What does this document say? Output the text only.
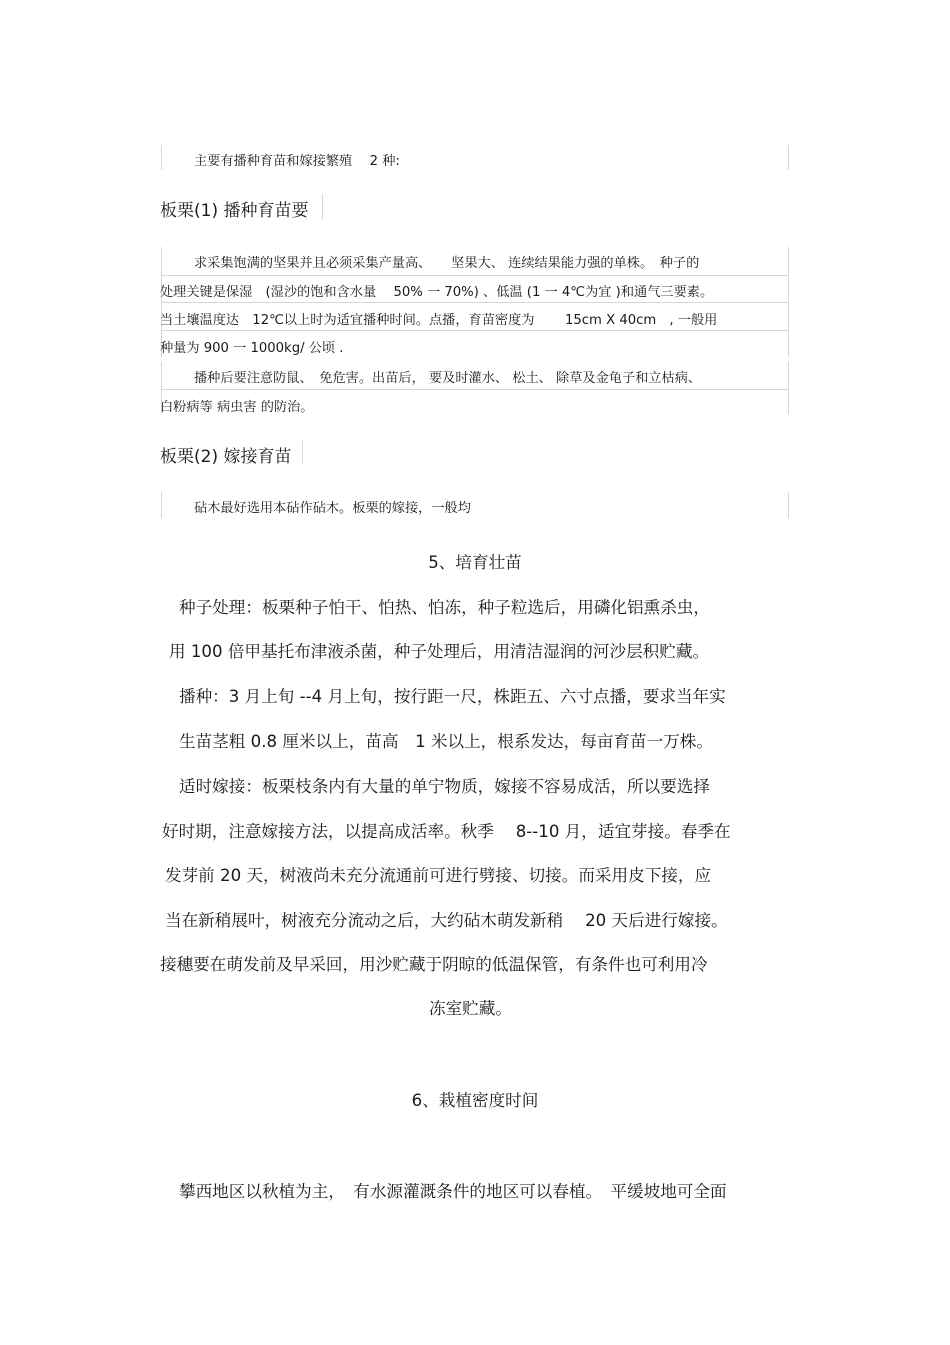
主要有播种育苗和嫁接繁殖　 2 种:
板栗(1) 播种育苗要
求采集饱满的坚果并且必须采集产量高、　　坚果大、 连续结果能力强的单株。　种子的
处理关键是保湿　(湿沙的饱和含水量　 50% 一 70%) 、低温 (1 一 4℃为宜 )和通气三要素。
当土壤温度达　12℃以上时为适宜播种时间。点播，育苗密度为　　 15cm X 40cm　, 一般用
种量为 900 一 1000kg/ 公顷 .
播种后要注意防鼠、　免危害。出苗后， 要及时灌水、 松土、 除草及金龟子和立枯病、
白粉病等 病虫害 的防治。
板栗(2) 嫁接育苗
砧木最好选用本砧作砧木。板栗的嫁接，一般均
5、培育壮苗
种子处理：板栗种子怕干、怕热、怕冻，种子粒选后，用磷化铝熏杀虫，
用 100 倍甲基托布津液杀菌，种子处理后，用清洁湿润的河沙层积贮藏。
播种：3 月上旬 --4 月上旬，按行距一尺，株距五、六寸点播，要求当年实
生苗茎粗 0.8 厘米以上，苗高　1 米以上，根系发达，每亩育苗一万株。
适时嫁接：板栗枝条内有大量的单宁物质，嫁接不容易成活，所以要选择
好时期，注意嫁接方法，以提高成活率。秋季　 8--10 月，适宜芽接。春季在
发芽前 20 天，树液尚未充分流通前可进行劈接、切接。而采用皮下接，应
当在新稍展叶，树液充分流动之后，大约砧木萌发新稍　 20 天后进行嫁接。
接穗要在萌发前及早采回，用沙贮藏于阴晾的低温保管，有条件也可利用冷
冻室贮藏。
6、栽植密度时间
攀西地区以秋植为主，　有水源灌溉条件的地区可以春植。　平缓坡地可全面
